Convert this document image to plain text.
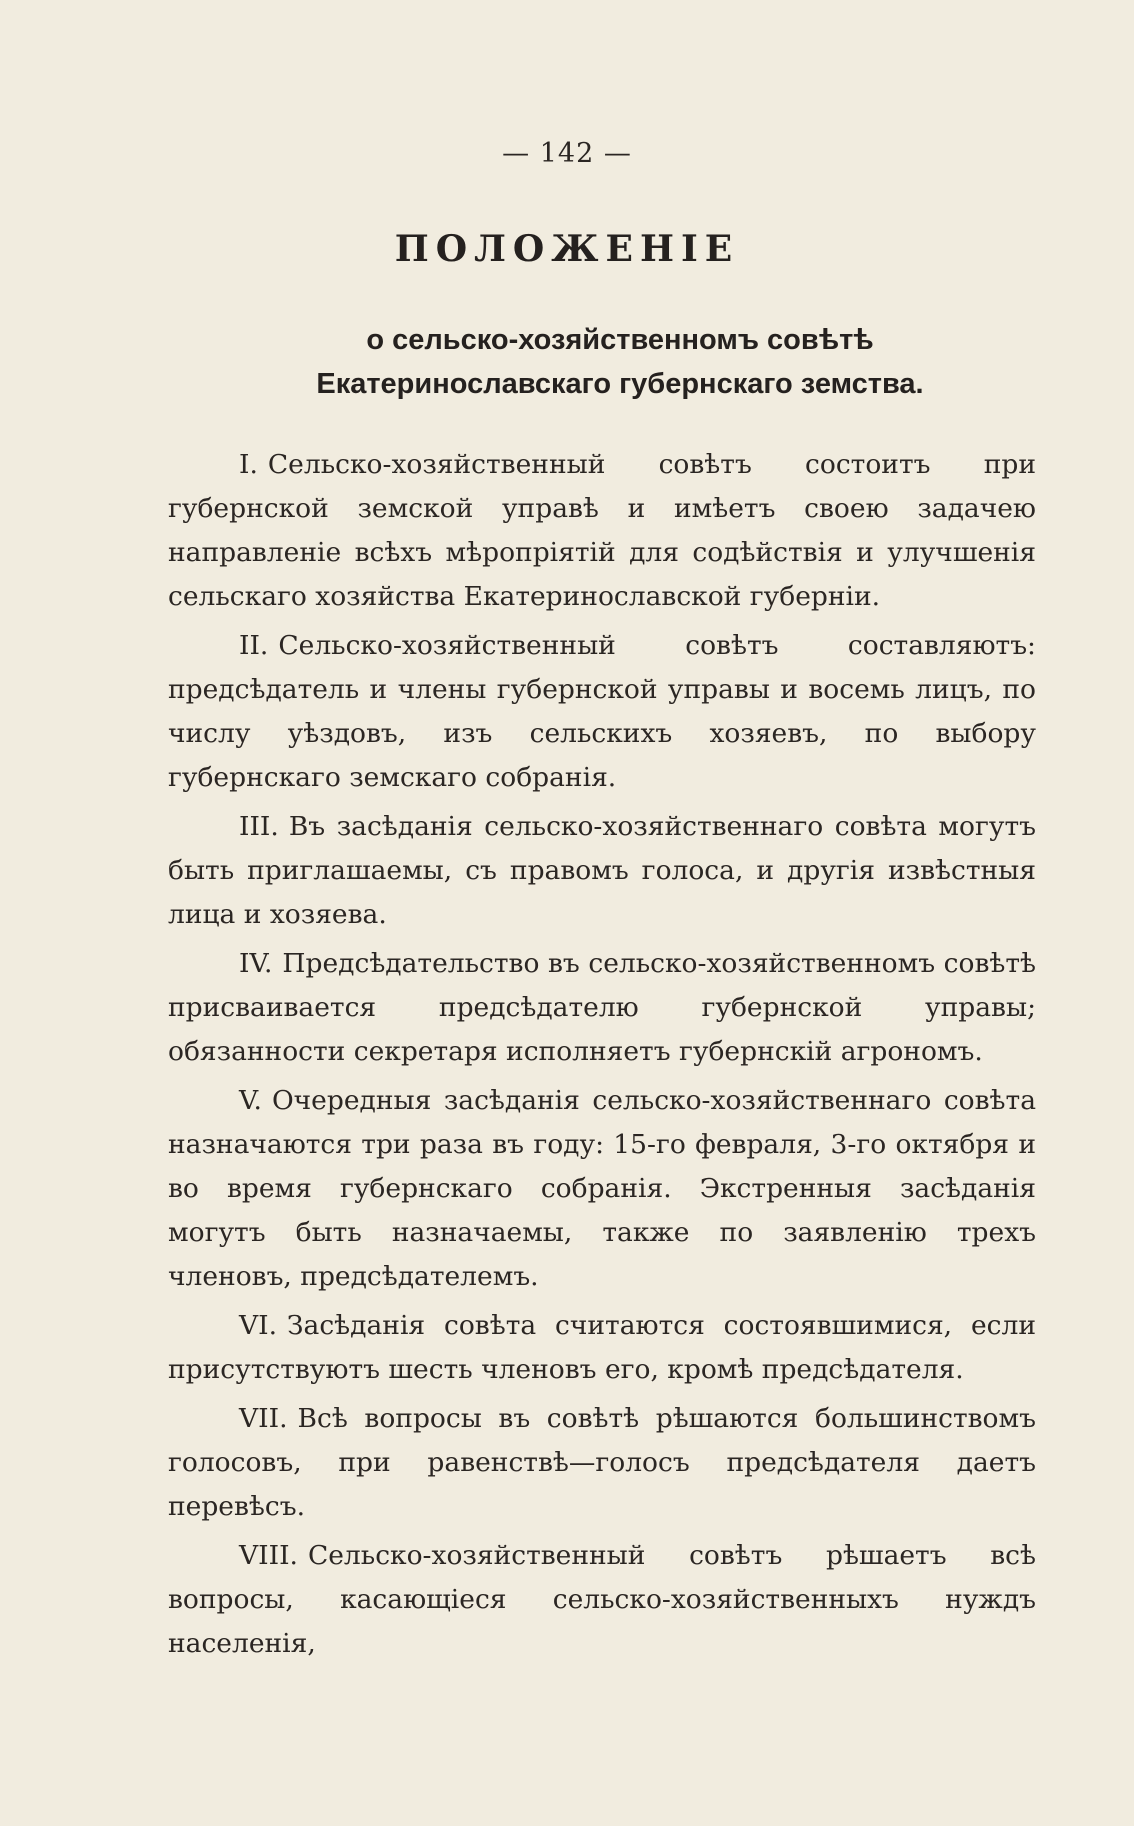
— 142 —
ПОЛОЖЕНІЕ
о сельско-хозяйственномъ совѣтѣ Екатеринославскаго губернскаго земства.

I. Сельско-хозяйственный совѣтъ состоитъ при губернской земской управѣ и имѣетъ своею задачею направленіе всѣхъ мѣропріятій для содѣйствія и улучшенія сельскаго хозяйства Екатеринославской губерніи.

II. Сельско-хозяйственный совѣтъ составляютъ: предсѣдатель и члены губернской управы и восемь лицъ, по числу уѣздовъ, изъ сельскихъ хозяевъ, по выбору губернскаго земскаго собранія.

III. Въ засѣданія сельско-хозяйственнаго совѣта могутъ быть приглашаемы, съ правомъ голоса, и другія извѣстныя лица и хозяева.

IV. Предсѣдательство въ сельско-хозяйственномъ совѣтѣ присваивается предсѣдателю губернской управы; обязанности секретаря исполняетъ губернскій агрономъ.

V. Очередныя засѣданія сельско-хозяйственнаго совѣта назначаются три раза въ году: 15-го февраля, 3-го октября и во время губернскаго собранія. Экстренныя засѣданія могутъ быть назначаемы, также по заявленію трехъ членовъ, предсѣдателемъ.

VI. Засѣданія совѣта считаются состоявшимися, если присутствуютъ шесть членовъ его, кромѣ предсѣдателя.

VII. Всѣ вопросы въ совѣтѣ рѣшаются большинствомъ голосовъ, при равенствѣ—голосъ предсѣдателя даетъ перевѣсъ.

VIII. Сельско-хозяйственный совѣтъ рѣшаетъ всѣ вопросы, касающіеся сельско-хозяйственныхъ нуждъ населенія,
